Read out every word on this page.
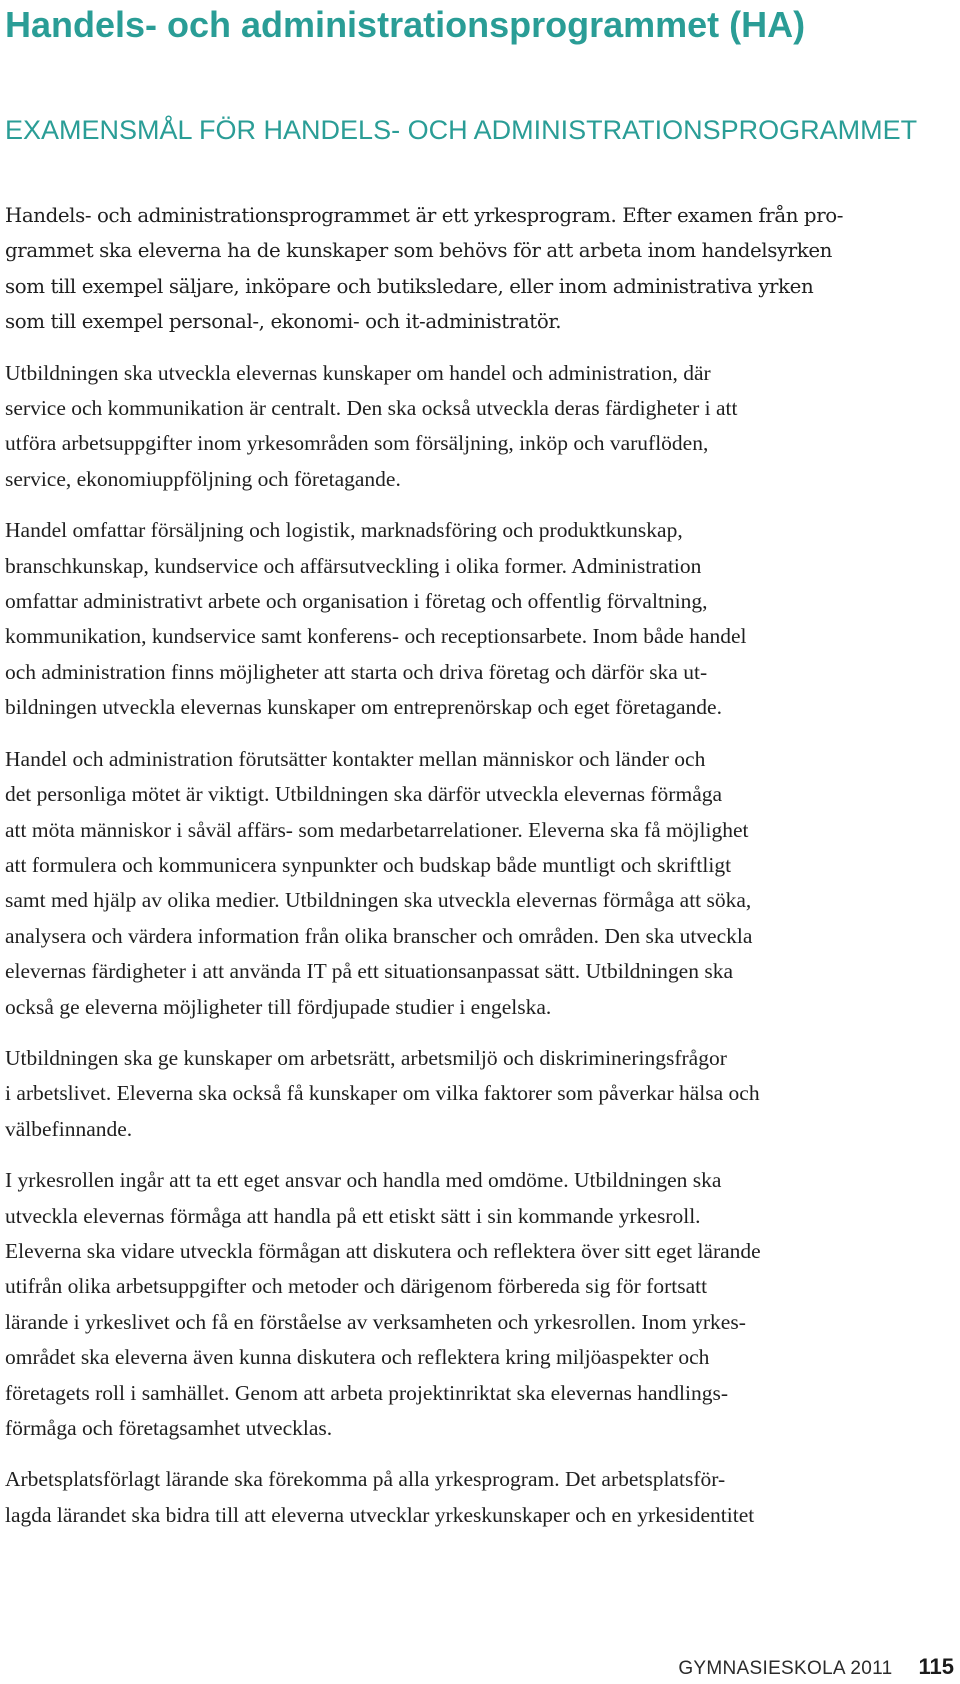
Handels- och administrationsprogrammet (HA)
EXAMENSMÅL FÖR HANDELS- OCH ADMINISTRATIONSPROGRAMMET

Handels- och administrationsprogrammet är ett yrkesprogram. Efter examen från pro-
grammet ska eleverna ha de kunskaper som behövs för att arbeta inom handelsyrken
som till exempel säljare, inköpare och butiksledare, eller inom administrativa yrken
som till exempel personal-, ekonomi- och it-administratör.

Utbildningen ska utveckla elevernas kunskaper om handel och administration, där
service och kommunikation är centralt. Den ska också utveckla deras färdigheter i att
utföra arbetsuppgifter inom yrkesområden som försäljning, inköp och varuflöden,
service, ekonomiuppföljning och företagande.

Handel omfattar försäljning och logistik, marknadsföring och produktkunskap,
branschkunskap, kundservice och affärsutveckling i olika former. Administration
omfattar administrativt arbete och organisation i företag och offentlig förvaltning,
kommunikation, kundservice samt konferens- och receptionsarbete. Inom både handel
och administration finns möjligheter att starta och driva företag och därför ska ut-
bildningen utveckla elevernas kunskaper om entreprenörskap och eget företagande.

Handel och administration förutsätter kontakter mellan människor och länder och
det personliga mötet är viktigt. Utbildningen ska därför utveckla elevernas förmåga
att möta människor i såväl affärs- som medarbetarrelationer. Eleverna ska få möjlighet
att formulera och kommunicera synpunkter och budskap både muntligt och skriftligt
samt med hjälp av olika medier. Utbildningen ska utveckla elevernas förmåga att söka,
analysera och värdera information från olika branscher och områden. Den ska utveckla
elevernas färdigheter i att använda IT på ett situationsanpassat sätt. Utbildningen ska
också ge eleverna möjligheter till fördjupade studier i engelska.

Utbildningen ska ge kunskaper om arbetsrätt, arbetsmiljö och diskrimineringsfrågor
i arbetslivet. Eleverna ska också få kunskaper om vilka faktorer som påverkar hälsa och
välbefinnande.

I yrkesrollen ingår att ta ett eget ansvar och handla med omdöme. Utbildningen ska
utveckla elevernas förmåga att handla på ett etiskt sätt i sin kommande yrkesroll.
Eleverna ska vidare utveckla förmågan att diskutera och reflektera över sitt eget lärande
utifrån olika arbetsuppgifter och metoder och därigenom förbereda sig för fortsatt
lärande i yrkeslivet och få en förståelse av verksamheten och yrkesrollen. Inom yrkes-
området ska eleverna även kunna diskutera och reflektera kring miljöaspekter och
företagets roll i samhället. Genom att arbeta projektinriktat ska elevernas handlings-
förmåga och företagsamhet utvecklas.

Arbetsplatsförlagt lärande ska förekomma på alla yrkesprogram. Det arbetsplatsför-
lagda lärandet ska bidra till att eleverna utvecklar yrkeskunskaper och en yrkesidentitet

GYMNASIESKOLA 2011 115
